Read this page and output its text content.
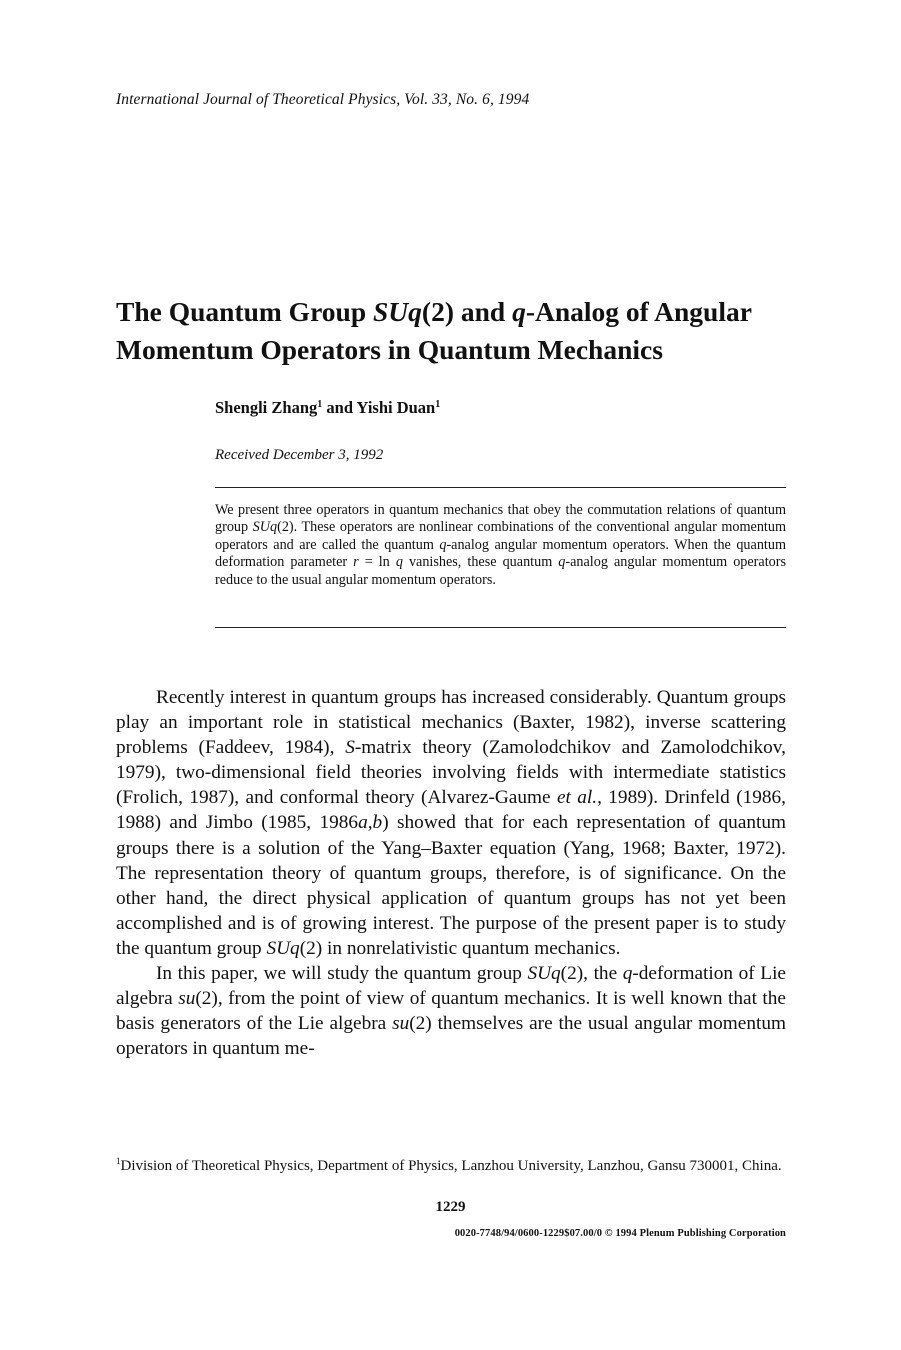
International Journal of Theoretical Physics, Vol. 33, No. 6, 1994
The Quantum Group SUq(2) and q-Analog of Angular
Momentum Operators in Quantum Mechanics
Shengli Zhang$^1$ and Yishi Duan$^1$
Received December 3, 1992

We present three operators in quantum mechanics that obey the commutation relations of quantum group SUq(2). These operators are nonlinear combinations of the conventional angular momentum operators and are called the quantum q-analog angular momentum operators. When the quantum deformation parameter r = ln q vanishes, these quantum q-analog angular momentum operators reduce to the usual angular momentum operators.

Recently interest in quantum groups has increased considerably. Quantum groups play an important role in statistical mechanics (Baxter, 1982), inverse scattering problems (Faddeev, 1984), S-matrix theory (Zamolodchikov and Zamolodchikov, 1979), two-dimensional field theories involving fields with intermediate statistics (Frolich, 1987), and conformal theory (Alvarez-Gaume et al., 1989). Drinfeld (1986, 1988) and Jimbo (1985, 1986a,b) showed that for each representation of quantum groups there is a solution of the Yang–Baxter equation (Yang, 1968; Baxter, 1972). The representation theory of quantum groups, therefore, is of significance. On the other hand, the direct physical application of quantum groups has not yet been accomplished and is of growing interest. The purpose of the present paper is to study the quantum group SUq(2) in nonrelativistic quantum mechanics.

In this paper, we will study the quantum group SUq(2), the q-deformation of Lie algebra su(2), from the point of view of quantum mechanics. It is well known that the basis generators of the Lie algebra su(2) themselves are the usual angular momentum operators in quantum me-

$^1$Division of Theoretical Physics, Department of Physics, Lanzhou University, Lanzhou, Gansu 730001, China.

1229
0020-7748/94/0600-1229$07.00/0 © 1994 Plenum Publishing Corporation
